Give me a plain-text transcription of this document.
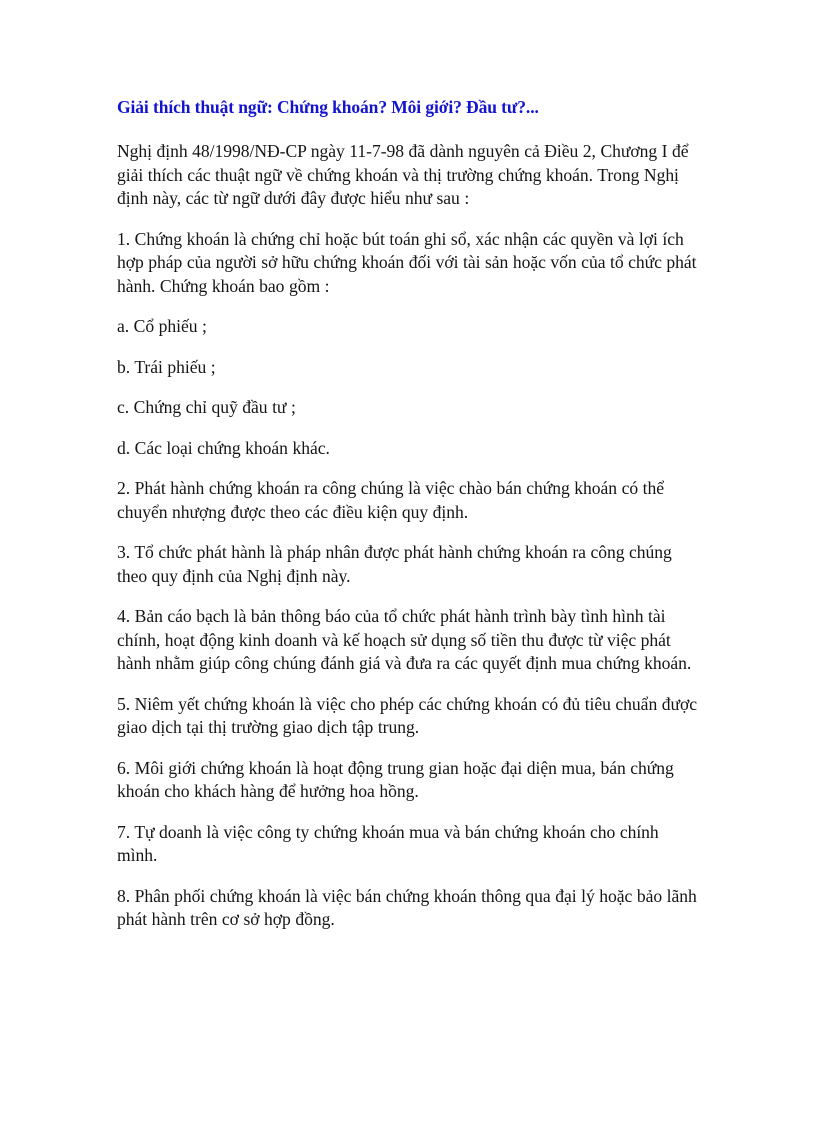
Giải thích thuật ngữ: Chứng khoán? Môi giới? Đầu tư?...

Nghị định 48/1998/NĐ-CP ngày 11-7-98 đã dành nguyên cả Điều 2, Chương I để giải thích các thuật ngữ về chứng khoán và thị trường chứng khoán. Trong Nghị định này, các từ ngữ dưới đây được hiểu như sau :

1. Chứng khoán là chứng chỉ hoặc bút toán ghi sổ, xác nhận các quyền và lợi ích hợp pháp của người sở hữu chứng khoán đối với tài sản hoặc vốn của tổ chức phát hành. Chứng khoán bao gồm :

a. Cổ phiếu ;

b. Trái phiếu ;

c. Chứng chỉ quỹ đầu tư ;

d. Các loại chứng khoán khác.

2. Phát hành chứng khoán ra công chúng là việc chào bán chứng khoán có thể chuyển nhượng được theo các điều kiện quy định.

3. Tổ chức phát hành là pháp nhân được phát hành chứng khoán ra công chúng theo quy định của Nghị định này.

4. Bản cáo bạch là bản thông báo của tổ chức phát hành trình bày tình hình tài chính, hoạt động kinh doanh và kế hoạch sử dụng số tiền thu được từ việc phát hành nhằm giúp công chúng đánh giá và đưa ra các quyết định mua chứng khoán.

5. Niêm yết chứng khoán là việc cho phép các chứng khoán có đủ tiêu chuẩn được giao dịch tại thị trường giao dịch tập trung.

6. Môi giới chứng khoán là hoạt động trung gian hoặc đại diện mua, bán chứng khoán cho khách hàng để hưởng hoa hồng.

7. Tự doanh là việc công ty chứng khoán mua và bán chứng khoán cho chính mình.

8. Phân phối chứng khoán là việc bán chứng khoán thông qua đại lý hoặc bảo lãnh phát hành trên cơ sở hợp đồng.
